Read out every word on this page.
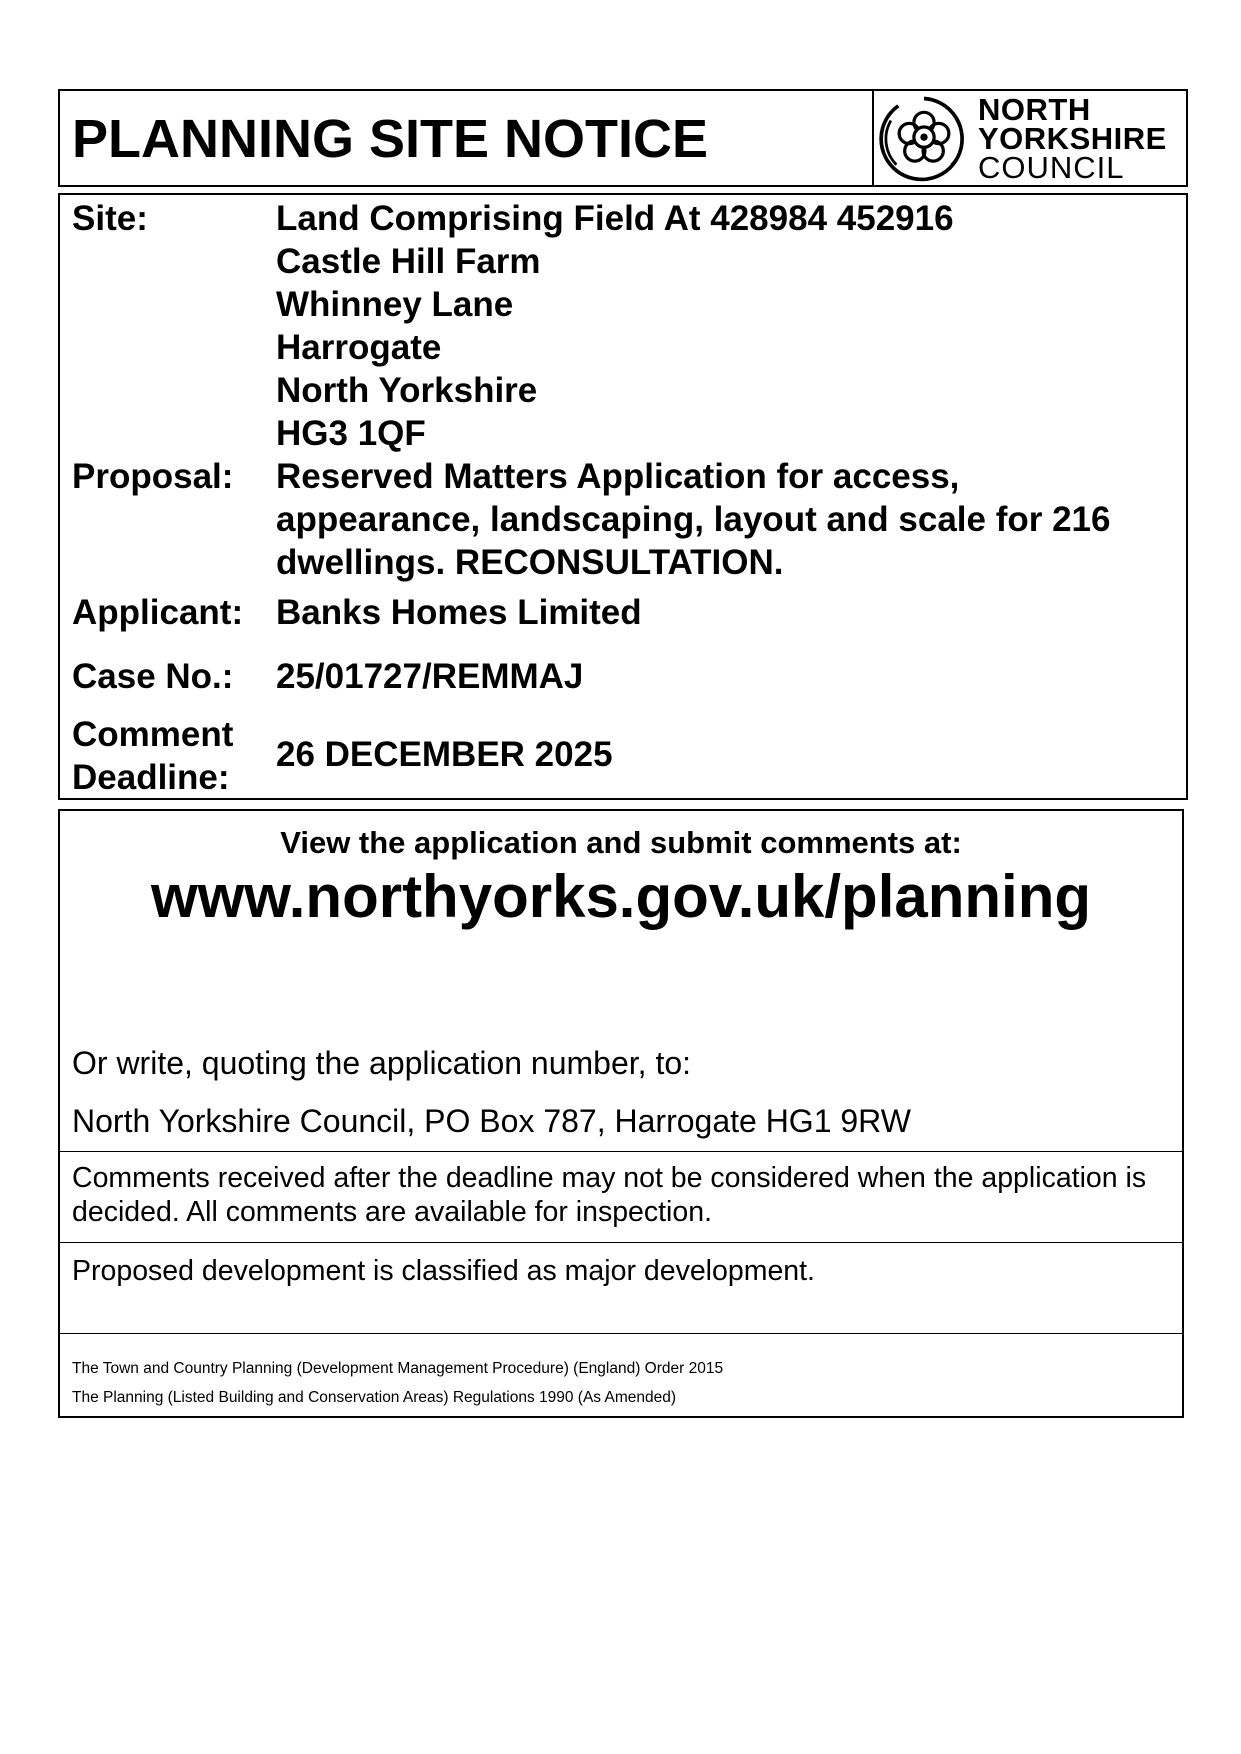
PLANNING SITE NOTICE	NORTH
YORKSHIRE
COUNCIL
Site:	Land Comprising Field At 428984 452916
Castle Hill Farm
Whinney Lane
Harrogate
North Yorkshire
HG3 1QF
Proposal: Reserved Matters Application for access,
appearance, landscaping, layout and scale for 216
dwellings. RECONSULTATION.
Applicant: Banks Homes Limited
Case No.: 25/01727/REMMAJ
Comment
Deadline:
26 DECEMBER 2025
View the application and submit comments at:
www.northyorks.gov.uk/planning
Or write, quoting the application number, to:
North Yorkshire Council, PO Box 787, Harrogate HG1 9RW
Comments received after the deadline may not be considered when the application is decided. All comments are available for inspection.
Proposed development is classified as major development.
The Town and Country Planning (Development Management Procedure) (England) Order 2015
The Planning (Listed Building and Conservation Areas) Regulations 1990 (As Amended)
